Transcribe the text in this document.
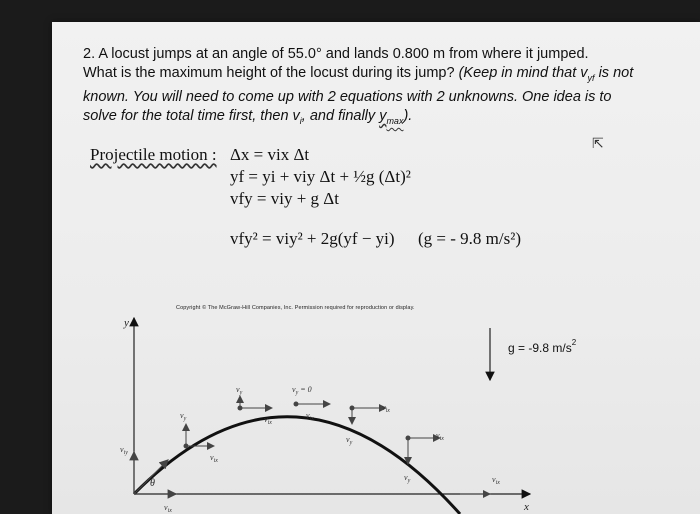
2. A locust jumps at an angle of 55.0° and lands 0.800 m from where it jumped.
What is the maximum height of the locust during its jump? (Keep in mind that $v_{yf}$ is not
known. You will need to come up with 2 equations with 2 unknowns. One idea is to
solve for the total time first, then $v_i$, and finally $y_{max}$).
Projectile motion : Δx = vix Δt
yf = yi + viy Δt + ½g (Δt)²
vfy = viy + g Δt
vfy² = viy² + 2g(yf − yi) (g = - 9.8 m/s²)
⇱
Copyright © The McGraw-Hill Companies, Inc. Permission required for reproduction or display.
y
x
g = -9.8 $m/s^2$
θ
$v_{iy}$
$v_{ix}$
$v_y$
$v_{ix}$
$v_y$
$v_{ix}$
$v_y = 0$
$v_{ix}$
$v_y$
$v_{ix}$
$v_y$
$v_{ix}$
$v_{ix}$
